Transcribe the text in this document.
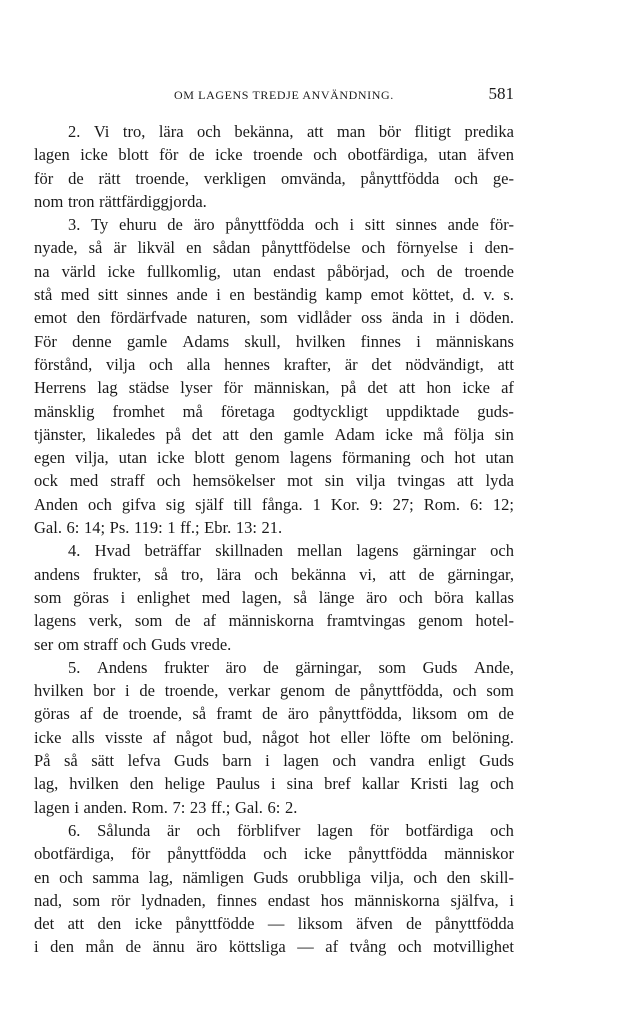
OM LAGENS TREDJE ANVÄNDNING.	581
2. Vi tro, lära och bekänna, att man bör flitigt predika
lagen icke blott för de icke troende och obotfärdiga, utan äfven
för de rätt troende, verkligen omvända, pånyttfödda och ge-
nom tron rättfärdiggjorda.
3. Ty ehuru de äro pånyttfödda och i sitt sinnes ande för-
nyade, så är likväl en sådan pånyttfödelse och förnyelse i den-
na värld icke fullkomlig, utan endast påbörjad, och de troende
stå med sitt sinnes ande i en beständig kamp emot köttet, d. v. s.
emot den fördärfvade naturen, som vidlåder oss ända in i döden.
För denne gamle Adams skull, hvilken finnes i människans
förstånd, vilja och alla hennes krafter, är det nödvändigt, att
Herrens lag städse lyser för människan, på det att hon icke af
mänsklig fromhet må företaga godtyckligt uppdiktade guds-
tjänster, likaledes på det att den gamle Adam icke må följa sin
egen vilja, utan icke blott genom lagens förmaning och hot utan
ock med straff och hemsökelser mot sin vilja tvingas att lyda
Anden och gifva sig själf till fånga. 1 Kor. 9: 27; Rom. 6: 12;
Gal. 6: 14; Ps. 119: 1 ff.; Ebr. 13: 21.
4. Hvad beträffar skillnaden mellan lagens gärningar och
andens frukter, så tro, lära och bekänna vi, att de gärningar,
som göras i enlighet med lagen, så länge äro och böra kallas
lagens verk, som de af människorna framtvingas genom hotel-
ser om straff och Guds vrede.
5. Andens frukter äro de gärningar, som Guds Ande,
hvilken bor i de troende, verkar genom de pånyttfödda, och som
göras af de troende, så framt de äro pånyttfödda, liksom om de
icke alls visste af något bud, något hot eller löfte om belöning.
På så sätt lefva Guds barn i lagen och vandra enligt Guds
lag, hvilken den helige Paulus i sina bref kallar Kristi lag och
lagen i anden. Rom. 7: 23 ff.; Gal. 6: 2.
6. Sålunda är och förblifver lagen för botfärdiga och
obotfärdiga, för pånyttfödda och icke pånyttfödda människor
en och samma lag, nämligen Guds orubbliga vilja, och den skill-
nad, som rör lydnaden, finnes endast hos människorna själfva, i
det att den icke pånyttfödde — liksom äfven de pånyttfödda
i den mån de ännu äro köttsliga — af tvång och motvillighet
